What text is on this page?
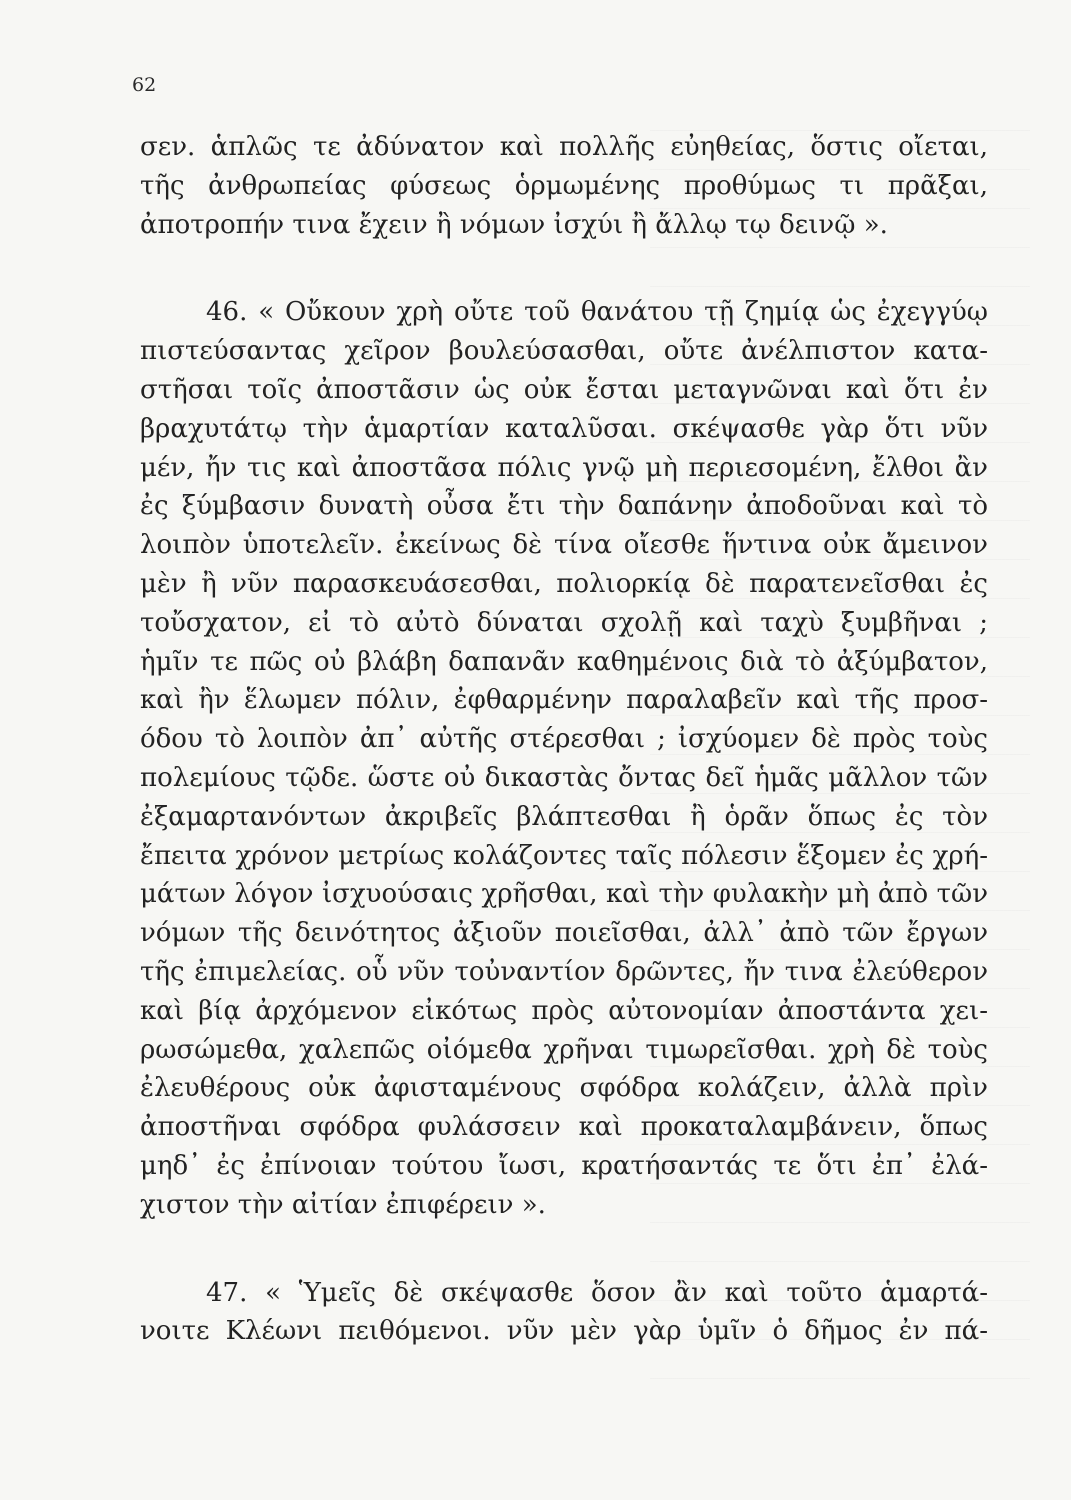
62
σεν. ἁπλῶς τε ἀδύνατον καὶ πολλῆς εὐηθείας, ὅστις οἴεται,
τῆς ἀνθρωπείας φύσεως ὁρμωμένης προθύμως τι πρᾶξαι,
ἀποτροπήν τινα ἔχειν ἢ νόμων ἰσχύι ἢ ἄλλῳ τῳ δεινῷ ».
46. « Οὔκουν χρὴ οὔτε τοῦ θανάτου τῇ ζημίᾳ ὡς ἐχεγγύῳ
πιστεύσαντας χεῖρον βουλεύσασθαι, οὔτε ἀνέλπιστον κατα-
στῆσαι τοῖς ἀποστᾶσιν ὡς οὐκ ἔσται μεταγνῶναι καὶ ὅτι ἐν
βραχυτάτῳ τὴν ἁμαρτίαν καταλῦσαι. σκέψασθε γὰρ ὅτι νῦν
μέν, ἤν τις καὶ ἀποστᾶσα πόλις γνῷ μὴ περιεσομένη, ἔλθοι ἂν
ἐς ξύμβασιν δυνατὴ οὖσα ἔτι τὴν δαπάνην ἀποδοῦναι καὶ τὸ
λοιπὸν ὑποτελεῖν. ἐκείνως δὲ τίνα οἴεσθε ἥντινα οὐκ ἄμεινον
μὲν ἢ νῦν παρασκευάσεσθαι, πολιορκίᾳ δὲ παρατενεῖσθαι ἐς
τοὔσχατον, εἰ τὸ αὐτὸ δύναται σχολῇ καὶ ταχὺ ξυμβῆναι ;
ἡμῖν τε πῶς οὐ βλάβη δαπανᾶν καθημένοις διὰ τὸ ἀξύμβατον,
καὶ ἢν ἕλωμεν πόλιν, ἐφθαρμένην παραλαβεῖν καὶ τῆς προσ-
όδου τὸ λοιπὸν ἀπ᾽ αὐτῆς στέρεσθαι ; ἰσχύομεν δὲ πρὸς τοὺς
πολεμίους τῷδε. ὥστε οὐ δικαστὰς ὄντας δεῖ ἡμᾶς μᾶλλον τῶν
ἐξαμαρτανόντων ἀκριβεῖς βλάπτεσθαι ἢ ὁρᾶν ὅπως ἐς τὸν
ἔπειτα χρόνον μετρίως κολάζοντες ταῖς πόλεσιν ἕξομεν ἐς χρή-
μάτων λόγον ἰσχυούσαις χρῆσθαι, καὶ τὴν φυλακὴν μὴ ἀπὸ τῶν
νόμων τῆς δεινότητος ἀξιοῦν ποιεῖσθαι, ἀλλ᾽ ἀπὸ τῶν ἔργων
τῆς ἐπιμελείας. οὗ νῦν τοὐναντίον δρῶντες, ἤν τινα ἐλεύθερον
καὶ βίᾳ ἀρχόμενον εἰκότως πρὸς αὐτονομίαν ἀποστάντα χει-
ρωσώμεθα, χαλεπῶς οἰόμεθα χρῆναι τιμωρεῖσθαι. χρὴ δὲ τοὺς
ἐλευθέρους οὐκ ἀφισταμένους σφόδρα κολάζειν, ἀλλὰ πρὶν
ἀποστῆναι σφόδρα φυλάσσειν καὶ προκαταλαμβάνειν, ὅπως
μηδ᾽ ἐς ἐπίνοιαν τούτου ἴωσι, κρατήσαντάς τε ὅτι ἐπ᾽ ἐλά-
χιστον τὴν αἰτίαν ἐπιφέρειν ».
47. « Ὑμεῖς δὲ σκέψασθε ὅσον ἂν καὶ τοῦτο ἁμαρτά-
νοιτε Κλέωνι πειθόμενοι. νῦν μὲν γὰρ ὑμῖν ὁ δῆμος ἐν πά-
